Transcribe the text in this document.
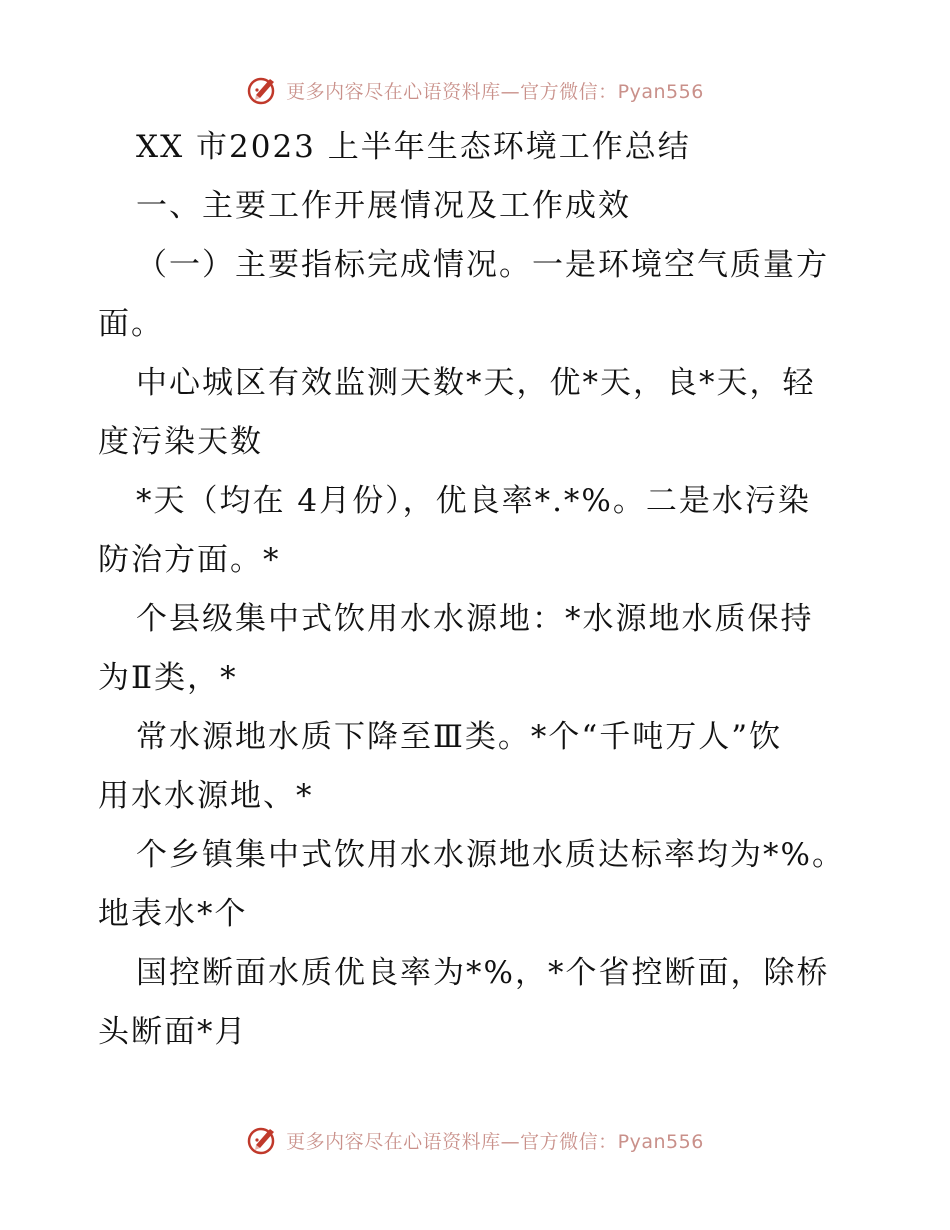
更多内容尽在心语资料库—官方微信：Pyan556
XX 市2023 上半年生态环境工作总结
一、主要工作开展情况及工作成效
（一）主要指标完成情况。一是环境空气质量方
面。
中心城区有效监测天数*天，优*天，良*天，轻
度污染天数
*天（均在 4月份），优良率*.*%。二是水污染
防治方面。*
个县级集中式饮用水水源地：*水源地水质保持
为Ⅱ类，*
常水源地水质下降至Ⅲ类。*个“千吨万人”饮
用水水源地、*
个乡镇集中式饮用水水源地水质达标率均为*%。
地表水*个
国控断面水质优良率为*%，*个省控断面，除桥
头断面*月
更多内容尽在心语资料库—官方微信：Pyan556
